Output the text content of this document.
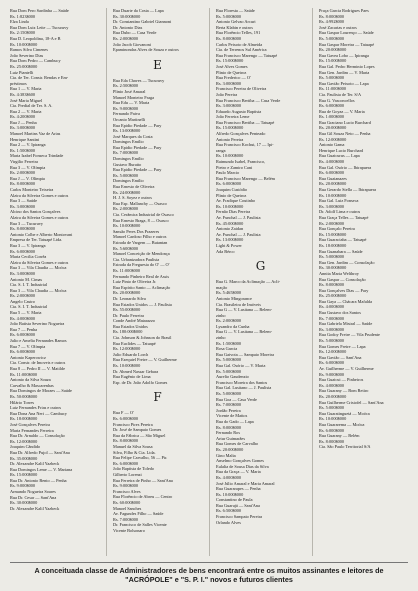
Rua Dom Pero Sardinha — Saúde
Rs. 1:823$000
Elza Linda
Rua Dom Luiz Leite — Tucuruvy
Rs. 2:150$000
Rua D. Leopoldina, 18-A e B
Rs. 10:000$000
Ramos Silva Cimenes
João Severino Dias
Rua Dom Pedro — Cambucy
Rs. 25:000$000
Luiz Piantelli
Cia. de Ter. Constr. Rendas e Em-
préstimos
Rua 1 — V. Maria
Rs. 4:383$600
José Maria Miguel
Cia. Predial de Ter. S. A.
Rua 2 — V. Maria
Rs. 4:200$000
Rua J — Penha
Rs. 3:000$000
Manoel Martins Vaz de Arias
Henrique Santini
Rua 2 — V. Ipiranga
Rs. 1:500$000
Maria Izabel Fonseca Trindade
Virgilio Ferreira
Rua 3 — V. Olímpia
Rs. 2:000$000
Rua J — V. Olímpia
Rs. 8:000$000
Carlos Monteiro Teixeira
Alzira da Silveira Gomes e outros
Rua 3 — Saúde
Rs. 3:000$000
Alcino dos Santos Gonçalves
Alzira da Silveira Gomes e outros
Rua 3 — Tucuruvy
Rs. 8:000$000
Antonio Colbe e Alberto Montovani
Empresa de Ter. Tatuapé Ltda.
Rua 3 — V. Ipiranga
Rs. 6:000$000
Maria Cecilia Corrêa
Alzira da Silveira Gomes e outros
Rua 3 — Vila Claudia — Moóca
Rs. 3:000$000
Antonio M. Cimas
Cia. S. I. T. Industrial
Rua 3 — Vila Claudia — Moóca
Rs. 2:000$000
Angelo Castro
Cia. S. I. T. Industrial
Rua 5 — V. Maria
Rs. 4:000$000
João Batista Severino Nogueira
Rua 7 — Penha
Rs. 6:000$000
Julio e Amelia Fernandes Ramos
Rua 7 — V. Olímpia
Rs. 6:000$000
Antonio Kaperowicz
Cia. Constr. de Imoveis e outros
Rua 8 — Pedro II — V. Matilde
Rs. 11:000$000
Antonio da Silva Souza
Carvalho & Mascarenhas
Rua Domingos de Moraes — Saúde
Rs. 50:000$000
Hilário Torres
Luiz Fernandes Frias e outros
Rua Dona Ana Neri — Cambucy
Rs. 18:000$000
José Gonçalves Pereira
Maria Fernandes Ferreira
Rua Dr. Arnaldo — Consolação
Rs. 12:000$000
Joaquim Cândido
Rua Dr. Alfredo Pujol — Sant'Ana
Rs. 35:000$000
Dr. Alexandre Kalil Yazbeck
Rua Domingos Leme — V. Mariana
Rs. 15:000$000
Rua Dr. Antonio Bento — Penha
Rs. 9:000$000
Armando Nogueira Soares
Rua Dr. Cesar — Sant'Ana
Rs. 30:000$000
Dr. Alexandre Kalil Yazbeck
Rua Duarte da Costa — Lapa
Rs. 30:000$000
Dr. Constantino Gabriel Giannoni
Dr. Antonio Dias
Rua Dubo — Casa Verde
Rs. 2:000$000
João Jacob Giovanoni
Epaminondas Alves de Souza e outros
E
Rua Eda Chaves — Tucuruvy
Rs. 2:500$000
Plinio José Amaral
Manoel Monteiro Fraga
Rua Edu — V. Maria
Rs. 9:000$000
Fernando Paiva
Orcanio Martinelli
Rua Epidio Piedade — Pary
Rs. 13:000$000
José Marques da Costa
Domingos Emilio
Rua Epidio Piedade — Pary
Rs. 7:000$000
Domingos Emilio
Gustavo Buratto
Rua Epidio Piedade — Pary
Rs. 5:000$000
Domingos Emilio
Rua Ernesto de Oliveira
Rs. 24:000$000
H. J. S. Soyez e outros
Rua Esp. Mallanchy — Osasco
Rs. 2:000$000
Cia. Cerâmica Industrial de Osasco
Rua Ernesto Braga, 8 — Osasco
Rs. 10:000$000
Sansão Peres Dos Prazeres
Manoel Cardoso Filho e outros
Estrada de Vargem — Butantan
Rs. 5:600$000
Manoel Conceição de Mendonça
Cia. Urbanizadora Paulista
Estrada da Freguesia do O' — O'
Rs. 11:000$000
Fernando Pinheiro Real de Assis
Luiz Pinto de Oliveira Jr.
Rua Espírito Santo — Aclimação
Rs. 20:000$000
Dr. Leonardo Silva
Rua Estados Unidos — J. Paulista
Rs. 55:000$000
Dr. Paulo Ferreira
Conde André Matarazzo
Rua Estados Unidos
Rs. 180:000$000
Cia. Johnson & Johnson do Brasil
Rua Euclides — Tatuapé
Rs. 12:000$000
Julio Eduardo Lorch
Rua Ezequiel Freire — V. Guilherme
Rs. 10:000$000
Dr. Ahmed Nassar Gebara
Rua Eugênio de Lima
Esp. de Dr. João Adolfo Gomes
F
Rua F — O'
Rs. 6:000$000
Francisco Pires Pereira
Dr. José de Sampaio Gomes
Rua da Fábrica — São Miguel
Rs. 8:000$000
Manuel da Silva Sousa
Silva, Filho & Cia. Ltda.
Rua Felipe Carvalho, 56 — Pir.
Rs. 6:000$000
João Baptista de Toledo
Gilberto Lorenzi
Rua Ferreira de Pinho — Sant'Ana
Rs. 9:000$000
Francisco Alves
Rua Florêncio de Abreu — Centro
Rs. 60:000$000
Manoel Sanches
Av. Fagundes Filho — Saúde
Rs. 7:000$000
Dr. Francisco de Salles Vicente
Vicente Bolsonaro
Rua Floresta — Saúde
Rs. 5:000$000
Antonio Gelvao Arcuri
Berta Klabin e outros
Rua Florêncio Telles, 191
Rs. 8:000$000
Carlos Peixoto de Almeida
Cia. de Terrenos Sul América
Rua Francisco Marengo — Tatuapé
Rs. 15:000$000
José Alves Gomes
Plinio de Queiroz
Rua Frederico — O'
Rs. 3:000$000
Francisco Pereira de Oliveira
João Pereira
Rua Francisco Bertiba — Casa Verde
Rs. 3:000$000
Eduardo Augusto Baptista
João Ferreira Leme
Rua Francisco Bertiba — Tatuapé
Rs. 15:000$000
Alfredo Gonçalves Penteado
Antonio Pereira
Rua Francisco Kochut, 17 — Ipi-
ranga
Rs. 10:000$000
Raimundo Isabel, Francisco,
Pietro e Zamiro Cani
Paulo Marcio
Rua Francisco Marengo — Belém
Rs. 6:000$000
Joaquim Custódio
Plinio de Queiroz
Av. Fradique Coutinho
Rs. 10:000$000
Fernão Dias Pereira
Av. Funchal — J. Paulista
Rs. 45:000$000
Antonio Zaidan
Av. Funchal — J. Paulista
Rs. 13:000$000
Light & Power
Ada Bérco
G
Rua G. Marco da Aclimação — Acli-
mação
Rs. 5:465$000
Antonio Mingorance
Cia. Brasileira de Imóveis
Rua G — V. Lusitana — Belem-
zinho
Rs. 2:000$000
Lysandro da Cunha
Rua G — V. Lusitana — Belem-
zinho
Rs. 1:500$000
Rosa Garcia
Rua Gaivota — Sampaio Moreira
Rs. 5:000$000
Rua Gal. Osório — V. Maria
Rs. 5:000$000
Aurelio Gaudenzio
Francisco Moreira dos Santos
Rua Gal. Lusitano — J. Paulista
Rs. 5:000$000
Rua Goa — Casa Verde
Rs. 7:000$000
Jordão Pereira
Vicente de Mattos
Rua do Gado — Lapa
Rs. 8:000$000
Fernando Ros
Artur Guimarães
Rua Gomes de Carvalho
Rs. 20:000$000
Gino Malta
Anselmo Gonçalves Gomes
Eulalia de Sousa Dias da Silva
Rua da Graça — V. Maria
Rs. 4:000$000
José Júlio Amaral e Maria Amaral
Rua Guararapes — Penha
Rs. 10:000$000
Constantino de Paula
Rua Guarujá — Sant'Ana
Rs. 6:500$000
Francisco Sampaio Pereira
Orlando Alves
Praça Garcia Rodrigues Paes
Rs. 8:000$000
Rs. 4:992$000
José Zacarias e outros
Rua Gaspar Lourenço — Saúde
Rs. 5:000$000
Rua Gaspar Moreira — Tatuapé
Rs. 20:000$000
Rua Gavea Lobo — Ipiranga
Rs. 15:000$000
Rua Gal. Pedro Herminio Lopes
Rua Gen. Jardim — V. Maria
Rs. 5:000$000
Rua Gavião Peixoto — Lapa
Rs. 11:000$000
Cia. Paulista de Ter. S/A
Rua G. Vasconcellos
Rs. 6:000$000
Rua de Goyaz — V. Maria
Rs. 1:000$000
Rua Graciano Lucio Burchard
Rs. 20:000$000
Rua Gil Souza Neto — Penha
Rs. 12:000$000
Antonio Gama
Henrique Lucio Burchard
Rua Guaicurus — Lapa
Rs. 4:000$000
Rua Gal. Osório — Ibirapuera
Rs. 6:000$000
Rua Guaianazes
Rs. 20:000$000
Rua Gerardo Stella — Ibirapuera
Rs. 10:000$000
Rua Gal. Luiz Fonseca
Rs. 3:000$000
Dr. Adolf Lima e outros
Rua Graça Telles — Tatuapé
Rs. 2:000$000
Rua Gonçalo Pereira
Rs. 15:000$000
Rua Guaraciaba — Tatuapé
Rs. 18:000$000
Rua Guanabara — Saúde
Rs. 5:000$000
Rua Gen. Jardim — Consolação
Rs. 30:000$000
Annita Maria Welthroy
Rua Gaspar — Consolação
Rs. 8:000$000
Rua Gonçalves Dias — Pary
Rs. 25:000$000
Rua Gaya — Chácara Mafalda
Rs. 4:000$000
Rua Gustavo dos Santos
Rs. 7:000$000
Rua Gabriela Mistral — Saúde
Rs. 3:000$000
Rua Godoy Freire — Vila Prudente
Rs. 5:000$000
Rua Gomes Freire — Lapa
Rs. 12:000$000
Rua Gavião — Sant'Ana
Rs. 6:000$000
Av. Guilherme — V. Guilherme
Rs. 9:000$000
Rua Guaicui — Pinheiros
Rs. 4:000$000
Rua Guarany — Bom Retiro
Rs. 20:000$000
Rua Guilherme Cristofel — Sant'Ana
Rs. 5:000$000
Rua Guaratinguetá — Moóca
Rs. 10:000$000
Rua Guararema — Moóca
Rs. 6:000$000
Rua Guarany — Belém
Rs. 8:000$000
Cia. São Paulo Territorial S/A
A conceituada classe de Administradores de bens encontrará entre os muitos assinantes e leitores de "ACRÓPOLE" e "S. P. I." novos e futuros clientes
